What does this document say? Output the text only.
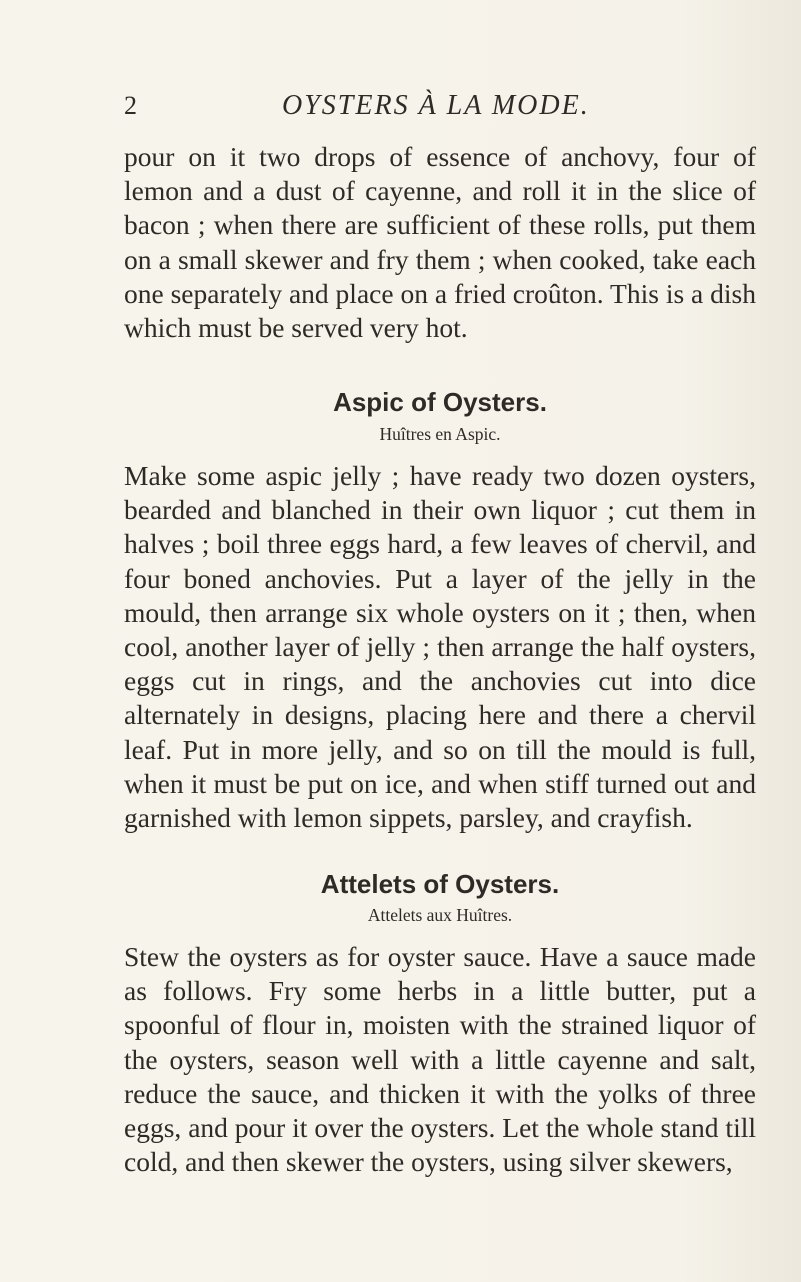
2	OYSTERS À LA MODE.

pour on it two drops of essence of anchovy, four of lemon and a dust of cayenne, and roll it in the slice of bacon ; when there are sufficient of these rolls, put them on a small skewer and fry them ; when cooked, take each one separately and place on a fried croûton. This is a dish which must be served very hot.

Aspic of Oysters.
Huîtres en Aspic.

Make some aspic jelly ; have ready two dozen oysters, bearded and blanched in their own liquor ; cut them in halves ; boil three eggs hard, a few leaves of chervil, and four boned anchovies. Put a layer of the jelly in the mould, then arrange six whole oysters on it ; then, when cool, another layer of jelly ; then arrange the half oysters, eggs cut in rings, and the anchovies cut into dice alternately in designs, placing here and there a chervil leaf. Put in more jelly, and so on till the mould is full, when it must be put on ice, and when stiff turned out and garnished with lemon sippets, parsley, and crayfish.

Attelets of Oysters.
Attelets aux Huîtres.

Stew the oysters as for oyster sauce. Have a sauce made as follows. Fry some herbs in a little butter, put a spoonful of flour in, moisten with the strained liquor of the oysters, season well with a little cayenne and salt, reduce the sauce, and thicken it with the yolks of three eggs, and pour it over the oysters. Let the whole stand till cold, and then skewer the oysters, using silver skewers,
